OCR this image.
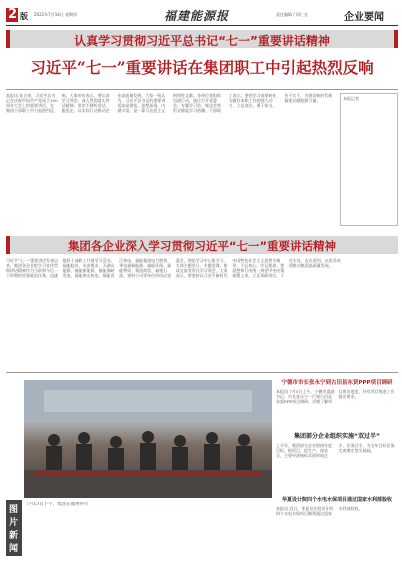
2 版 2022年7月14日 星期四	福建能源报	责任编辑 / 周仁光	企业要闻
认真学习贯彻习近平总书记“七一”重要讲话精神
习近平“七一”重要讲话在集团职工中引起热烈反响
本报讯 连日来，习近平总书记在庆祝中国共产党成立100周年大会上的重要讲话，在集团干部职工中引起热烈反响。大家纷纷表示，要认真学习领会、深入贯彻落实讲话精神，坚定不移听党话、跟党走，以实际行动推动企业高质量发展。大家一致认为，习近平总书记的重要讲话高屋建瓴、思想深邃、内涵丰富，是一篇马克思主义纲领性文献。各单位党组织迅速行动，通过召开党委会、专题学习会、座谈会等形式掀起学习热潮。干部职工表示，要把学习成果转化为做好本职工作的强大动力，立足岗位、勇于担当、苦干实干，为建设新时代新福建贡献能源力量。	本报记者
集团各企业深入学习贯彻习近平“七一”重要讲话精神
习近平“七一”重要讲话发表以来，集团各企业把学习宣传贯彻讲话精神作为当前和今后一个时期的首要政治任务，迅速组织干部职工开展学习活动。福能股份、永安煤业、天湖山能源、福能新能源、福能海峡发电、福能鸿山热电、福能晋江热电、福能集团电力销售、华电福新能源、福能环保、福能物资、集团商贸、福建石油、建材公司等单位纷纷以党委会、理论学习中心组学习、支部主题党日、专题党课、座谈交流等形式学习领会，大家表示，要坚持以习近平新时代中国特色社会主义思想为指导，不忘初心、牢记使命，把思想和行动统一到党中央决策部署上来，立足本职岗位，干在实处，走在前列，以优异成绩推动集团高质量发展。
图
片
新
闻
7月13日下午，集团在福州举行
宁德市市长张永宁到古田县东贤PPP项目调研
本报讯 7月5日上午，宁德市委副书记、市长张永宁一行到古田县东贤PPP项目调研，详细了解项目建设进度，并对项目推进工作提出要求。
集团部分企业组织实施“双过半”
上半年，集团部分企业围绕年度目标，抓项目、促生产、保安全，主要经济指标实现时间过半、任务过半，为全年目标任务完成奠定坚实基础。
华夏设计院四个水电水保项目通过国家水利部验收
本报讯 近日，华夏设计院设计的四个水电水保项目顺利通过国家水利部验收。
